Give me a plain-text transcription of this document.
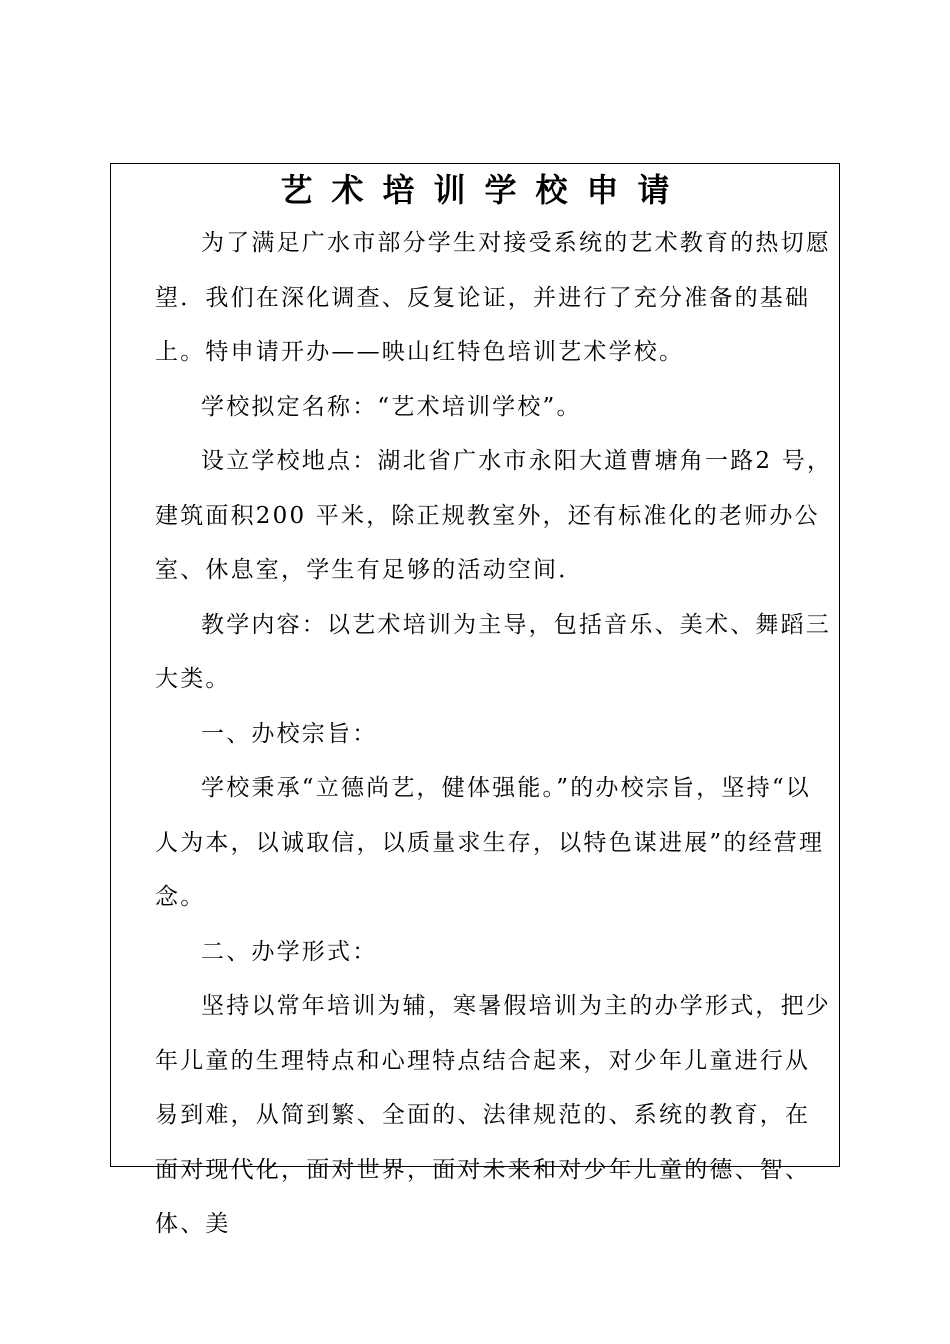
艺术培训学校申请

为了满足广水市部分学生对接受系统的艺术教育的热切愿望．我们在深化调查、反复论证，并进行了充分准备的基础上。特申请开办——映山红特色培训艺术学校。

学校拟定名称：“艺术培训学校”。

设立学校地点：湖北省广水市永阳大道曹塘角一路2 号，建筑面积200 平米，除正规教室外，还有标准化的老师办公室、休息室，学生有足够的活动空间．

教学内容：以艺术培训为主导，包括音乐、美术、舞蹈三大类。

一、办校宗旨：

学校秉承“立德尚艺，健体强能。”的办校宗旨，坚持“以人为本，以诚取信，以质量求生存，以特色谋进展”的经营理念。

二、办学形式：

坚持以常年培训为辅，寒暑假培训为主的办学形式，把少年儿童的生理特点和心理特点结合起来，对少年儿童进行从易到难，从简到繁、全面的、法律规范的、系统的教育，在面对现代化，面对世界，面对未来和对少年儿童的德、智、体、美
